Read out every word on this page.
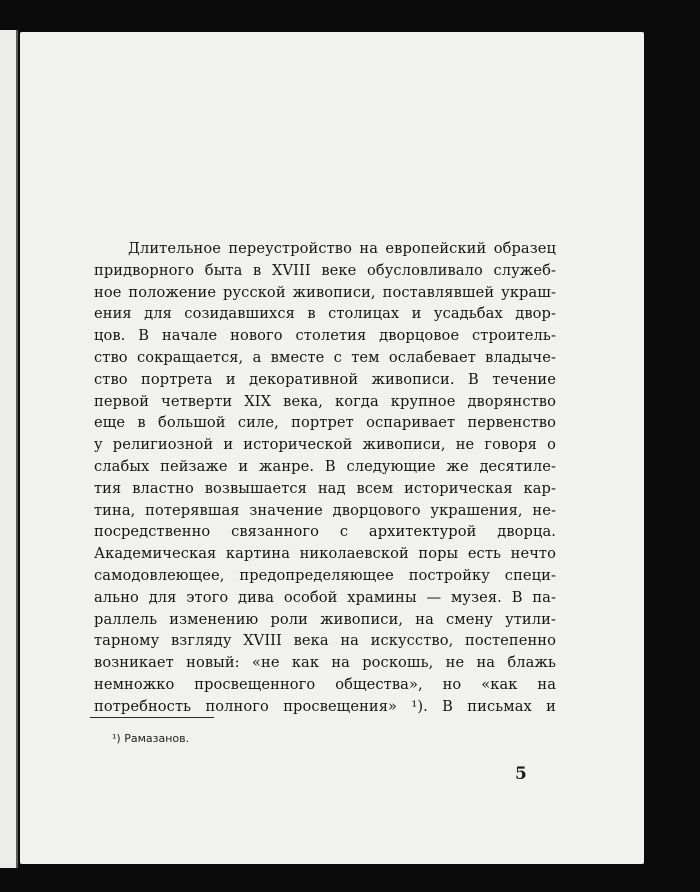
Длительное переустройство на европейский образец
придворного быта в XVIII веке обусловливало служеб-
ное положение русской живописи, поставлявшей украш-
ения для созидавшихся в столицах и усадьбах двор-
цов. В начале нового столетия дворцовое строитель-
ство сокращается, а вместе с тем ослабевает владыче-
ство портрета и декоративной живописи. В течение
первой четверти XIX века, когда крупное дворянство
еще в большой силе, портрет оспаривает первенство
у религиозной и исторической живописи, не говоря о
слабых пейзаже и жанре. В следующие же десятиле-
тия властно возвышается над всем историческая кар-
тина, потерявшая значение дворцового украшения, не-
посредственно связанного с архитектурой дворца.
Академическая картина николаевской поры есть нечто
самодовлеющее, предопределяющее постройку специ-
ально для этого дива особой храмины — музея. В па-
раллель изменению роли живописи, на смену утили-
тарному взгляду XVIII века на искусство, постепенно
возникает новый: «не как на роскошь, не на блажь
немножко просвещенного общества», но «как на
потребность полного просвещения» ¹). В письмах и
¹) Рамазанов.
5
